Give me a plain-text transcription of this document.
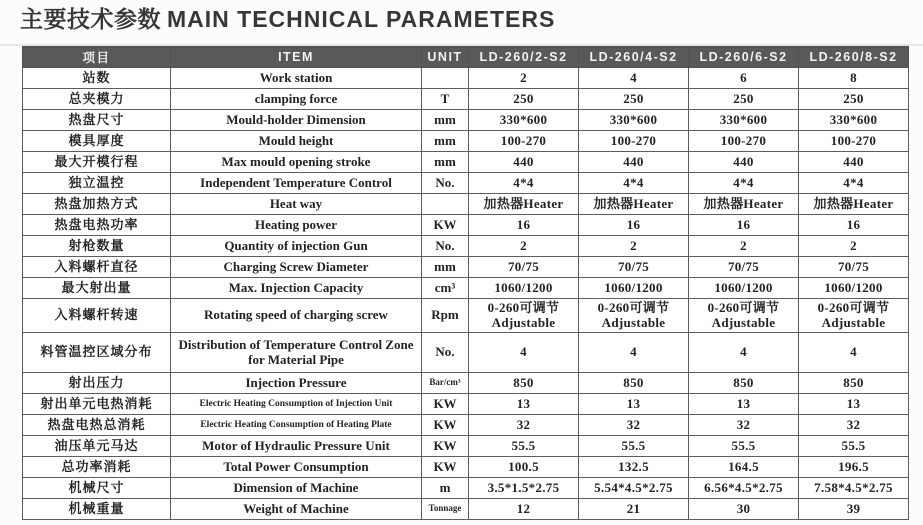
主要技术参数 MAIN TECHNICAL PARAMETERS
项目	ITEM	UNIT	LD-260/2-S2	LD-260/4-S2	LD-260/6-S2	LD-260/8-S2
站数	Work station		2	4	6	8
总夹模力	clamping force	T	250	250	250	250
热盘尺寸	Mould-holder Dimension	mm	330*600	330*600	330*600	330*600
模具厚度	Mould height	mm	100-270	100-270	100-270	100-270
最大开模行程	Max mould opening stroke	mm	440	440	440	440
独立温控	Independent Temperature Control	No.	4*4	4*4	4*4	4*4
热盘加热方式	Heat way		加热器Heater	加热器Heater	加热器Heater	加热器Heater
热盘电热功率	Heating power	KW	16	16	16	16
射枪数量	Quantity of injection Gun	No.	2	2	2	2
入料螺杆直径	Charging Screw Diameter	mm	70/75	70/75	70/75	70/75
最大射出量	Max. Injection Capacity	cm³	1060/1200	1060/1200	1060/1200	1060/1200
入料螺杆转速	Rotating speed of charging screw	Rpm	0-260可调节 Adjustable	0-260可调节 Adjustable	0-260可调节 Adjustable	0-260可调节 Adjustable
料管温控区域分布	Distribution of Temperature Control Zone for Material Pipe	No.	4	4	4	4
射出压力	Injection Pressure	Bar/cm³	850	850	850	850
射出单元电热消耗	Electric Heating Consumption of Injection Unit	KW	13	13	13	13
热盘电热总消耗	Electric Heating Consumption of Heating Plate	KW	32	32	32	32
油压单元马达	Motor of Hydraulic Pressure Unit	KW	55.5	55.5	55.5	55.5
总功率消耗	Total Power Consumption	KW	100.5	132.5	164.5	196.5
机械尺寸	Dimension of Machine	m	3.5*1.5*2.75	5.54*4.5*2.75	6.56*4.5*2.75	7.58*4.5*2.75
机械重量	Weight of Machine	Tonnage	12	21	30	39
